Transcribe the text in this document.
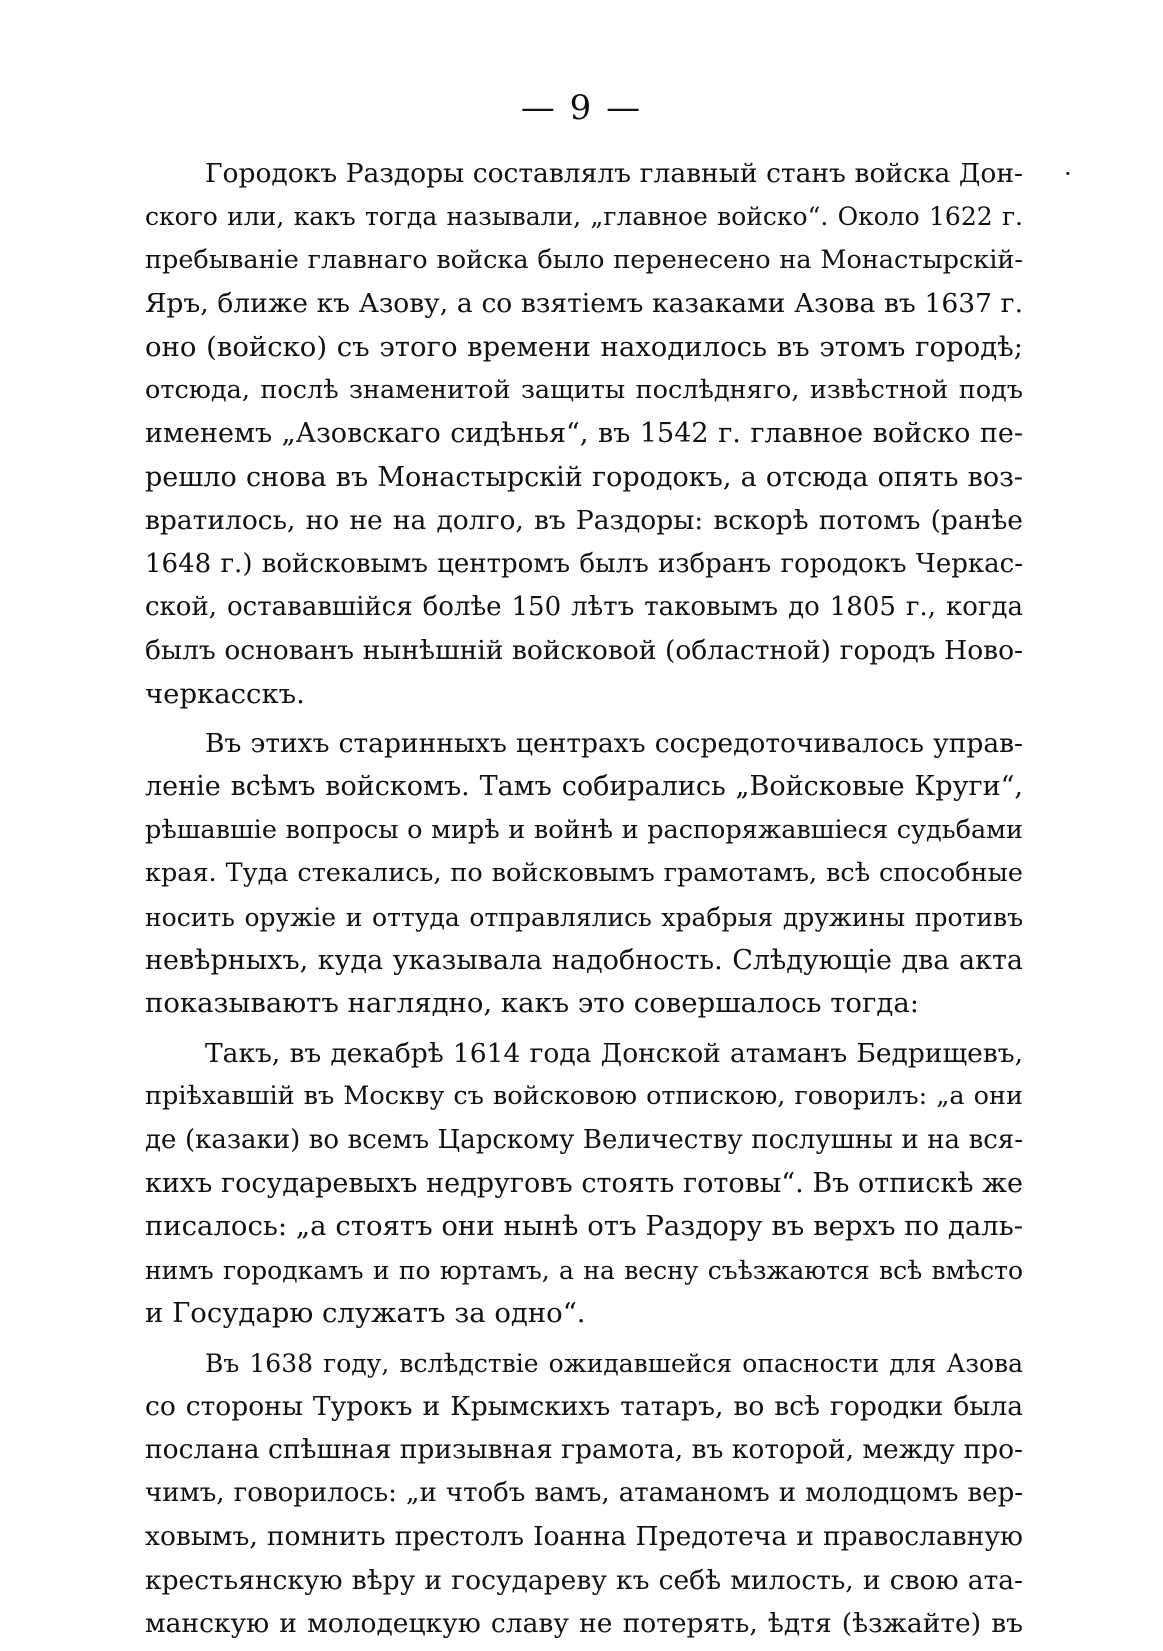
— 9 —
·
Городокъ Раздоры составлялъ главный станъ войска Дон-
ского или, какъ тогда называли, „главное войско“. Около 1622 г.
пребываніе главнаго войска было перенесено на Монастырскій-
Яръ, ближе къ Азову, а со взятіемъ казаками Азова въ 1637 г.
оно (войско) съ этого времени находилось въ этомъ городѣ;
отсюда, послѣ знаменитой защиты послѣдняго, извѣстной подъ
именемъ „Азовскаго сидѣнья“, въ 1542 г. главное войско пе-
решло снова въ Монастырскій городокъ, а отсюда опять воз-
вратилось, но не на долго, въ Раздоры: вскорѣ потомъ (ранѣе
1648 г.) войсковымъ центромъ былъ избранъ городокъ Черкас-
ской, остававшійся болѣе 150 лѣтъ таковымъ до 1805 г., когда
былъ основанъ нынѣшній войсковой (областной) городъ Ново-
черкасскъ.
Въ этихъ старинныхъ центрахъ сосредоточивалось управ-
леніе всѣмъ войскомъ. Тамъ собирались „Войсковые Круги“,
рѣшавшіе вопросы о мирѣ и войнѣ и распоряжавшіеся судьбами
края. Туда стекались, по войсковымъ грамотамъ, всѣ способные
носить оружіе и оттуда отправлялись храбрыя дружины противъ
невѣрныхъ, куда указывала надобность. Слѣдующіе два акта
показываютъ наглядно, какъ это совершалось тогда:
Такъ, въ декабрѣ 1614 года Донской атаманъ Бедрищевъ,
пріѣхавшій въ Москву съ войсковою отпискою, говорилъ: „а они
де (казаки) во всемъ Царскому Величеству послушны и на вся-
кихъ государевыхъ недруговъ стоять готовы“. Въ отпискѣ же
писалось: „а стоятъ они нынѣ отъ Раздору въ верхъ по даль-
нимъ городкамъ и по юртамъ, а на весну съѣзжаются всѣ вмѣсто
и Государю служатъ за одно“.
Въ 1638 году, вслѣдствіе ожидавшейся опасности для Азова
со стороны Турокъ и Крымскихъ татаръ, во всѣ городки была
послана спѣшная призывная грамота, въ которой, между про-
чимъ, говорилось: „и чтобъ вамъ, атаманомъ и молодцомъ вер-
ховымъ, помнить престолъ Іоанна Предотеча и православную
крестьянскую вѣру и государеву къ себѣ милость, и свою ата-
манскую и молодецкую славу не потерять, ѣдтя (ѣзжайте) въ
